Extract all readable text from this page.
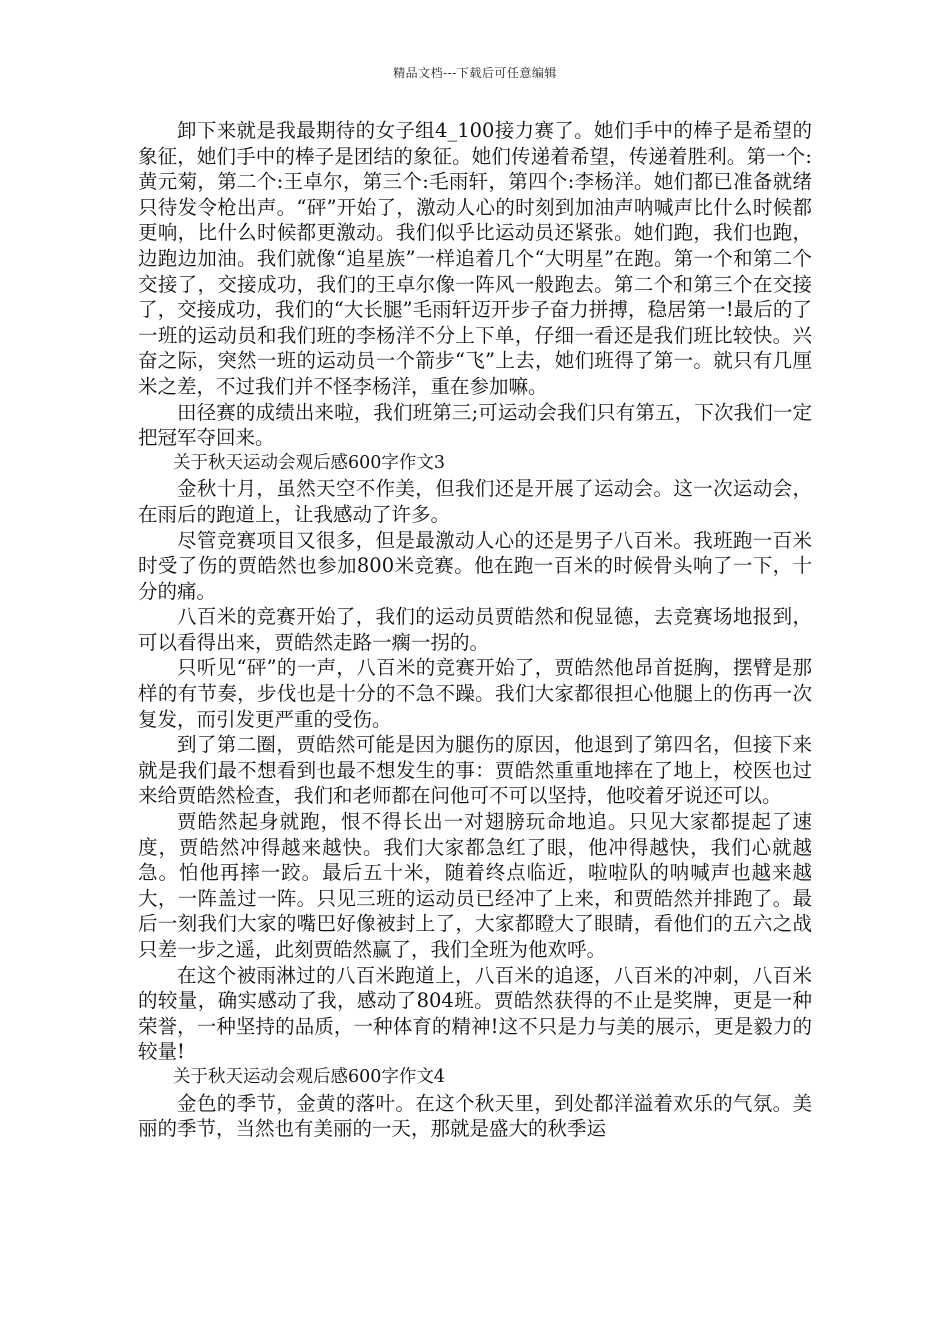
精品文档---下载后可任意编辑

卸下来就是我最期待的女子组4_100接力赛了。她们手中的棒子是希望的象征，她们手中的棒子是团结的象征。她们传递着希望，传递着胜利。第一个:黄元菊，第二个:王卓尔，第三个:毛雨轩，第四个:李杨洋。她们都已准备就绪只待发令枪出声。“砰”开始了，激动人心的时刻到加油声呐喊声比什么时候都更响，比什么时候都更激动。我们似乎比运动员还紧张。她们跑，我们也跑，边跑边加油。我们就像“追星族”一样追着几个“大明星”在跑。第一个和第二个交接了，交接成功，我们的王卓尔像一阵风一般跑去。第二个和第三个在交接了，交接成功，我们的“大长腿”毛雨轩迈开步子奋力拼搏，稳居第一!最后的了一班的运动员和我们班的李杨洋不分上下单，仔细一看还是我们班比较快。兴奋之际，突然一班的运动员一个箭步“飞”上去，她们班得了第一。就只有几厘米之差，不过我们并不怪李杨洋，重在参加嘛。

田径赛的成绩出来啦，我们班第三;可运动会我们只有第五，下次我们一定把冠军夺回来。

关于秋天运动会观后感600字作文3

金秋十月，虽然天空不作美，但我们还是开展了运动会。这一次运动会，在雨后的跑道上，让我感动了许多。

尽管竞赛项目又很多，但是最激动人心的还是男子八百米。我班跑一百米时受了伤的贾皓然也参加800米竞赛。他在跑一百米的时候骨头响了一下，十分的痛。

八百米的竞赛开始了，我们的运动员贾皓然和倪显德，去竞赛场地报到，可以看得出来，贾皓然走路一瘸一拐的。

只听见“砰”的一声，八百米的竞赛开始了，贾皓然他昂首挺胸，摆臂是那样的有节奏，步伐也是十分的不急不躁。我们大家都很担心他腿上的伤再一次复发，而引发更严重的受伤。

到了第二圈，贾皓然可能是因为腿伤的原因，他退到了第四名，但接下来就是我们最不想看到也最不想发生的事：贾皓然重重地摔在了地上，校医也过来给贾皓然检查，我们和老师都在问他可不可以坚持，他咬着牙说还可以。

贾皓然起身就跑，恨不得长出一对翅膀玩命地追。只见大家都提起了速度，贾皓然冲得越来越快。我们大家都急红了眼，他冲得越快，我们心就越急。怕他再摔一跤。最后五十米，随着终点临近，啦啦队的呐喊声也越来越大，一阵盖过一阵。只见三班的运动员已经冲了上来，和贾皓然并排跑了。最后一刻我们大家的嘴巴好像被封上了，大家都瞪大了眼睛，看他们的五六之战只差一步之遥，此刻贾皓然赢了，我们全班为他欢呼。

在这个被雨淋过的八百米跑道上，八百米的追逐，八百米的冲刺，八百米的较量，确实感动了我，感动了804班。贾皓然获得的不止是奖牌，更是一种荣誉，一种坚持的品质，一种体育的精神!这不只是力与美的展示，更是毅力的较量!

关于秋天运动会观后感600字作文4

金色的季节，金黄的落叶。在这个秋天里，到处都洋溢着欢乐的气氛。美丽的季节，当然也有美丽的一天，那就是盛大的秋季运
